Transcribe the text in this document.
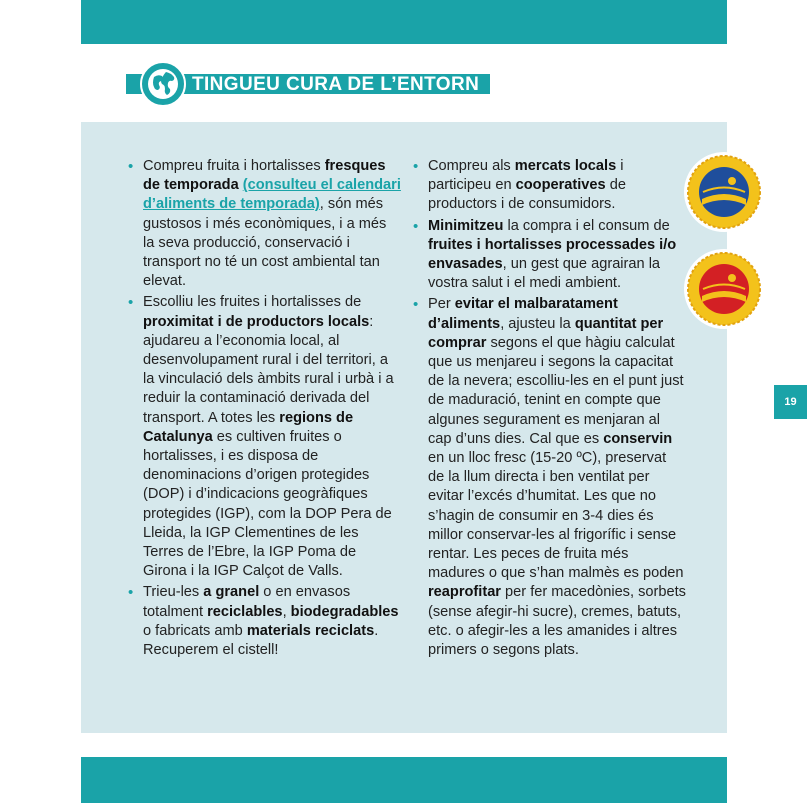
TINGUEU CURA DE L’ENTORN
• Compreu fruita i hortalisses fresques de temporada (consulteu el calendari d’aliments de temporada), són més gustosos i més econòmiques, i a més la seva producció, conservació i transport no té un cost ambiental tan elevat.
• Escolliu les fruites i hortalisses de proximitat i de productors locals: ajudareu a l’economia local, al desenvolupament rural i del territori, a la vinculació dels àmbits rural i urbà i a reduir la contaminació derivada del transport. A totes les regions de Catalunya es cultiven fruites o hortalisses, i es disposa de denominacions d’origen protegides (DOP) i d’indicacions geogràfiques protegides (IGP), com la DOP Pera de Lleida, la IGP Clementines de les Terres de l’Ebre, la IGP Poma de Girona i la IGP Calçot de Valls.
• Trieu-les a granel o en envasos totalment reciclables, biodegradables o fabricats amb materials reciclats. Recuperem el cistell!
• Compreu als mercats locals i participeu en cooperatives de productors i de consumidors.
• Minimitzeu la compra i el consum de fruites i hortalisses processades i/o envasades, un gest que agrairan la vostra salut i el medi ambient.
• Per evitar el malbaratament d’aliments, ajusteu la quantitat per comprar segons el que hàgiu calculat que us menjareu i segons la capacitat de la nevera; escolliu-les en el punt just de maduració, tenint en compte que algunes segurament es menjaran al cap d’uns dies. Cal que es conservin en un lloc fresc (15-20 ºC), preservat de la llum directa i ben ventilat per evitar l’excés d’humitat. Les que no s’hagin de consumir en 3-4 dies és millor conservar-les al frigorífic i sense rentar. Les peces de fruita més madures o que s’han malmès es poden reaprofitar per fer macedònies, sorbets (sense afegir-hi sucre), cremes, batuts, etc. o afegir-les a les amanides i altres primers o segons plats.
19
